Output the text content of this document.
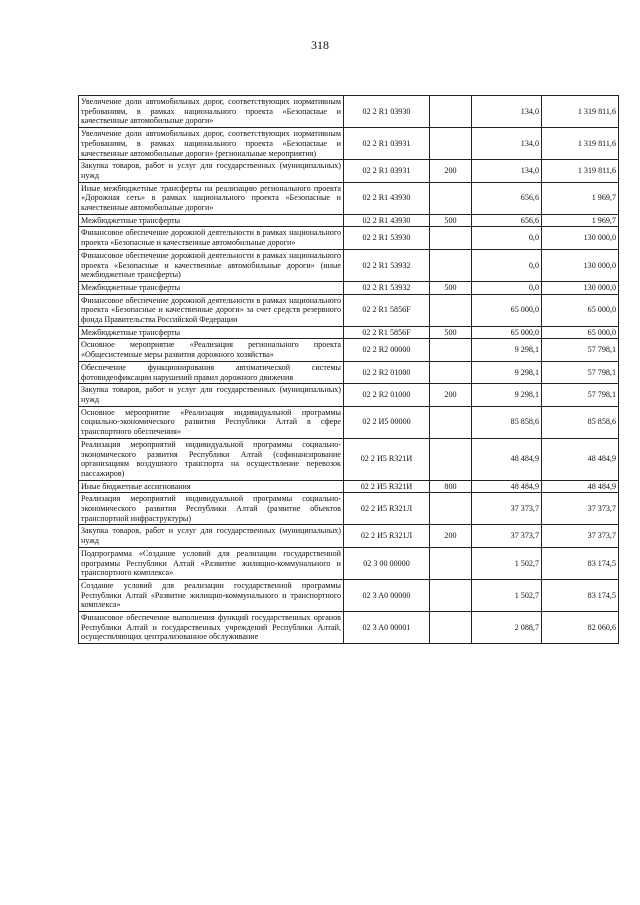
318
Увеличение доли автомобильных дорог, соответствующих нормативным требованиям, в рамках национального проекта «Безопасные и качественные автомобильные дороги»	02 2 R1 03930		134,0	1 319 811,6
Увеличение доли автомобильных дорог, соответствующих нормативным требованиям, в рамках национального проекта «Безопасные и качественные автомобильные дороги» (региональные мероприятия)	02 2 R1 03931		134,0	1 319 811,6
Закупка товаров, работ и услуг для государственных (муниципальных) нужд	02 2 R1 03931	200	134,0	1 319 811,6
Иные межбюджетные трансферты на реализацию регионального проекта «Дорожная сеть» в рамках национального проекта «Безопасные и качественные автомобильные дороги»	02 2 R1 43930		656,6	1 969,7
Межбюджетные трансферты	02 2 R1 43930	500	656,6	1 969,7
Финансовое обеспечение дорожной деятельности в рамках национального проекта «Безопасные и качественные автомобильные дороги»	02 2 R1 53930		0,0	130 000,0
Финансовое обеспечение дорожной деятельности в рамках национального проекта «Безопасные и качественные автомобильные дороги» (иные межбюджетные трансферты)	02 2 R1 53932		0,0	130 000,0
Межбюджетные трансферты	02 2 R1 53932	500	0,0	130 000,0
Финансовое обеспечение дорожной деятельности в рамках национального проекта «Безопасные и качественные дороги» за счет средств резервного фонда Правительства Российской Федерации	02 2 R1 5856F		65 000,0	65 000,0
Межбюджетные трансферты	02 2 R1 5856F	500	65 000,0	65 000,0
Основное мероприятие «Реализация регионального проекта «Общесистемные меры развития дорожного хозяйства»	02 2 R2 00000		9 298,1	57 798,1
Обеспечение функционирования автоматической системы фотовидеофиксации нарушений правил дорожного движения	02 2 R2 01000		9 298,1	57 798,1
Закупка товаров, работ и услуг для государственных (муниципальных) нужд	02 2 R2 01000	200	9 298,1	57 798,1
Основное мероприятие «Реализация индивидуальной программы социально-экономического развития Республики Алтай в сфере транспортного обеспечения»	02 2 И5 00000		85 858,6	85 858,6
Реализация мероприятий индивидуальной программы социально-экономического развития Республики Алтай (софинансирование организациям воздушного транспорта на осуществление перевозок пассажиров)	02 2 И5 R321И		48 484,9	48 484,9
Иные бюджетные ассигнования	02 2 И5 R321И	800	48 484,9	48 484,9
Реализация мероприятий индивидуальной программы социально-экономического развития Республики Алтай (развитие объектов транспортной инфраструктуры)	02 2 И5 R321Л		37 373,7	37 373,7
Закупка товаров, работ и услуг для государственных (муниципальных) нужд	02 2 И5 R321Л	200	37 373,7	37 373,7
Подпрограмма «Создание условий для реализации государственной программы Республики Алтай «Развитие жилищно-коммунального и транспортного комплекса»	02 3 00 00000		1 502,7	83 174,5
Создание условий для реализации государственной программы Республики Алтай «Развитие жилищно-коммунального и транспортного комплекса»	02 3 A0 00000		1 502,7	83 174,5
Финансовое обеспечение выполнения функций государственных органов Республики Алтай и государственных учреждений Республики Алтай, осуществляющих централизованное обслуживание	02 3 A0 00001		2 088,7	82 060,6
